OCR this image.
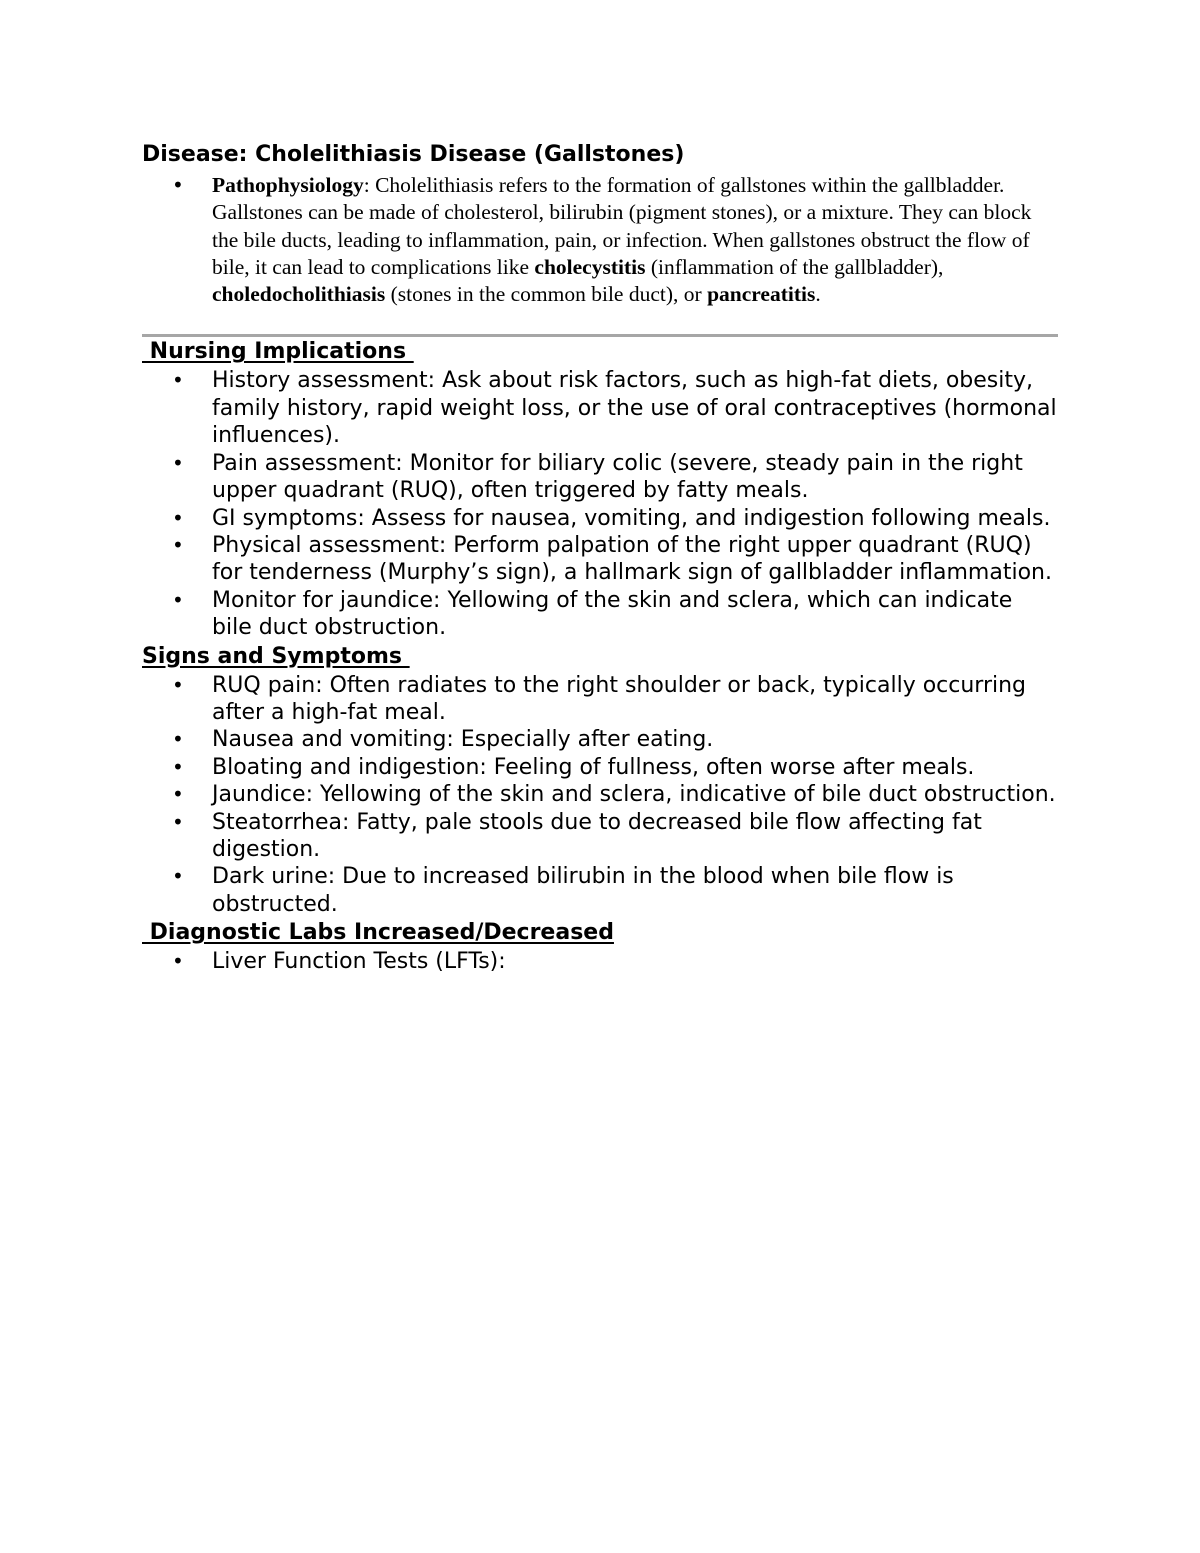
Disease: Cholelithiasis Disease (Gallstones)
• Pathophysiology: Cholelithiasis refers to the formation of gallstones within the gallbladder. Gallstones can be made of cholesterol, bilirubin (pigment stones), or a mixture. They can block the bile ducts, leading to inflammation, pain, or infection. When gallstones obstruct the flow of bile, it can lead to complications like cholecystitis (inflammation of the gallbladder), choledocholithiasis (stones in the common bile duct), or pancreatitis.
Nursing Implications
• History assessment: Ask about risk factors, such as high-fat diets, obesity, family history, rapid weight loss, or the use of oral contraceptives (hormonal influences).
• Pain assessment: Monitor for biliary colic (severe, steady pain in the right upper quadrant (RUQ), often triggered by fatty meals.
• GI symptoms: Assess for nausea, vomiting, and indigestion following meals.
• Physical assessment: Perform palpation of the right upper quadrant (RUQ) for tenderness (Murphy’s sign), a hallmark sign of gallbladder inflammation.
• Monitor for jaundice: Yellowing of the skin and sclera, which can indicate bile duct obstruction.
Signs and Symptoms
• RUQ pain: Often radiates to the right shoulder or back, typically occurring after a high-fat meal.
• Nausea and vomiting: Especially after eating.
• Bloating and indigestion: Feeling of fullness, often worse after meals.
• Jaundice: Yellowing of the skin and sclera, indicative of bile duct obstruction.
• Steatorrhea: Fatty, pale stools due to decreased bile flow affecting fat digestion.
• Dark urine: Due to increased bilirubin in the blood when bile flow is obstructed.
Diagnostic Labs Increased/Decreased
• Liver Function Tests (LFTs):
